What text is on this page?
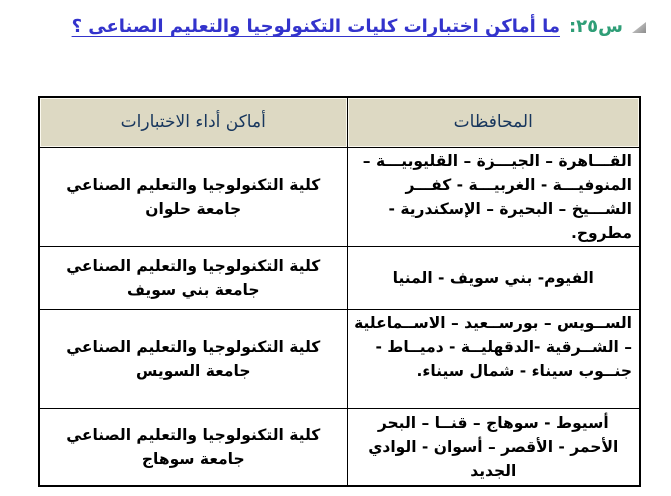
س٢٥:
ما أماكن اختبارات كليات التكنولوجيا والتعليم الصناعى ؟
المحافظات	أماكن أداء الاختبارات
القـــاهرة – الجيـــزة – القليوبيـــة – المنوفيـــة - الغربيـــة - كفـــر الشـــيخ – البحيرة – الإسكندرية - مطروح.	كلية التكنولوجيا والتعليم الصناعي جامعة حلوان
الفيوم- بني سويف - المنيا	كلية التكنولوجيا والتعليم الصناعي جامعة بني سويف
الســويس – بورســعيد – الاســماعلية – الشــرقية -الدقهليــة - دميــاط - جنــوب سيناء - شمال سيناء.	كلية التكنولوجيا والتعليم الصناعي جامعة السويس
أسيوط - سوهاج – قنــا – البحر الأحمر - الأقصر – أسوان - الوادي الجديد	كلية التكنولوجيا والتعليم الصناعي جامعة سوهاج
